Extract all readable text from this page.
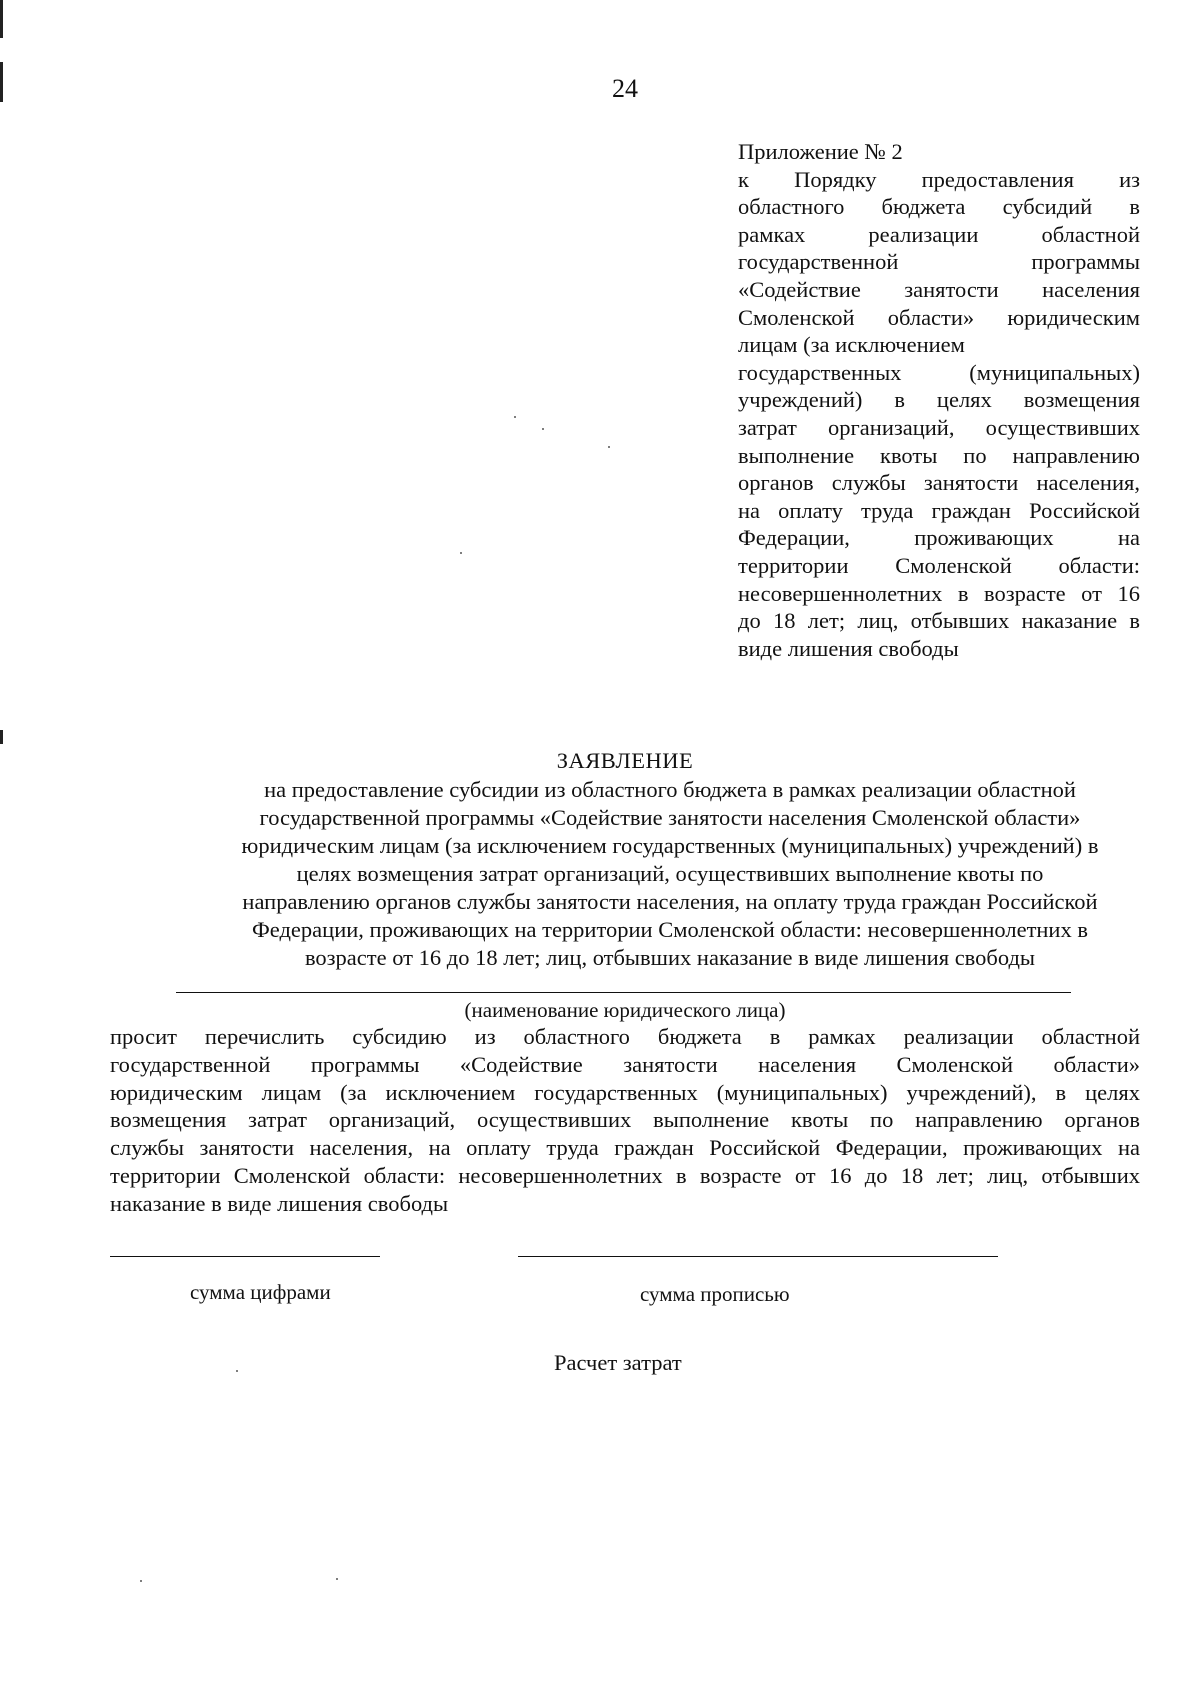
24
Приложение № 2
к Порядку предоставления из
областного бюджета субсидий в
рамках реализации областной
государственной программы
«Содействие занятости населения
Смоленской области» юридическим
лицам (за исключением
государственных (муниципальных)
учреждений) в целях возмещения
затрат организаций, осуществивших
выполнение квоты по направлению
органов службы занятости населения,
на оплату труда граждан Российской
Федерации, проживающих на
территории Смоленской области:
несовершеннолетних в возрасте от 16
до 18 лет; лиц, отбывших наказание в
виде лишения свободы
ЗАЯВЛЕНИЕ
на предоставление субсидии из областного бюджета в рамках реализации областной
государственной программы «Содействие занятости населения Смоленской области»
юридическим лицам (за исключением государственных (муниципальных) учреждений) в
целях возмещения затрат организаций, осуществивших выполнение квоты по
направлению органов службы занятости населения, на оплату труда граждан Российской
Федерации, проживающих на территории Смоленской области: несовершеннолетних в
возрасте от 16 до 18 лет; лиц, отбывших наказание в виде лишения свободы
(наименование юридического лица)
просит перечислить субсидию из областного бюджета в рамках реализации областной
государственной программы «Содействие занятости населения Смоленской области»
юридическим лицам (за исключением государственных (муниципальных) учреждений), в целях
возмещения затрат организаций, осуществивших выполнение квоты по направлению органов
службы занятости населения, на оплату труда граждан Российской Федерации, проживающих на
территории Смоленской области: несовершеннолетних в возрасте от 16 до 18 лет; лиц, отбывших
наказание в виде лишения свободы
сумма цифрами	сумма прописью
Расчет затрат
